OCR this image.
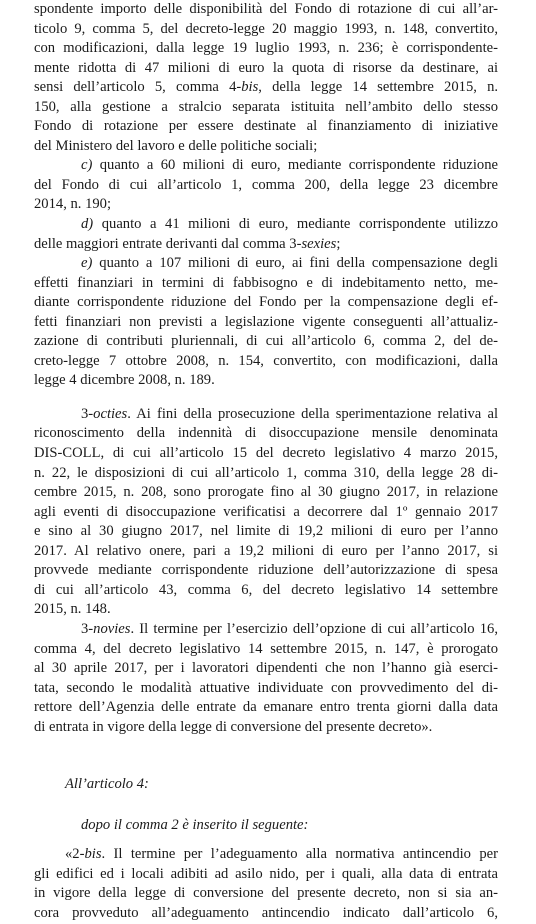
spondente importo delle disponibilità del Fondo di rotazione di cui all’ar-
ticolo 9, comma 5, del decreto-legge 20 maggio 1993, n. 148, convertito,
con modificazioni, dalla legge 19 luglio 1993, n. 236; è corrispondente-
mente ridotta di 47 milioni di euro la quota di risorse da destinare, ai
sensi dell’articolo 5, comma 4-bis, della legge 14 settembre 2015, n.
150, alla gestione a stralcio separata istituita nell’ambito dello stesso
Fondo di rotazione per essere destinate al finanziamento di iniziative
del Ministero del lavoro e delle politiche sociali;
c) quanto a 60 milioni di euro, mediante corrispondente riduzione
del Fondo di cui all’articolo 1, comma 200, della legge 23 dicembre
2014, n. 190;
d) quanto a 41 milioni di euro, mediante corrispondente utilizzo
delle maggiori entrate derivanti dal comma 3-sexies;
e) quanto a 107 milioni di euro, ai fini della compensazione degli
effetti finanziari in termini di fabbisogno e di indebitamento netto, me-
diante corrispondente riduzione del Fondo per la compensazione degli ef-
fetti finanziari non previsti a legislazione vigente conseguenti all’attualiz-
zazione di contributi pluriennali, di cui all’articolo 6, comma 2, del de-
creto-legge 7 ottobre 2008, n. 154, convertito, con modificazioni, dalla
legge 4 dicembre 2008, n. 189.
3-octies. Ai fini della prosecuzione della sperimentazione relativa al
riconoscimento della indennità di disoccupazione mensile denominata
DIS-COLL, di cui all’articolo 15 del decreto legislativo 4 marzo 2015,
n. 22, le disposizioni di cui all’articolo 1, comma 310, della legge 28 di-
cembre 2015, n. 208, sono prorogate fino al 30 giugno 2017, in relazione
agli eventi di disoccupazione verificatisi a decorrere dal 1º gennaio 2017
e sino al 30 giugno 2017, nel limite di 19,2 milioni di euro per l’anno
2017. Al relativo onere, pari a 19,2 milioni di euro per l’anno 2017, si
provvede mediante corrispondente riduzione dell’autorizzazione di spesa
di cui all’articolo 43, comma 6, del decreto legislativo 14 settembre
2015, n. 148.
3-novies. Il termine per l’esercizio dell’opzione di cui all’articolo 16,
comma 4, del decreto legislativo 14 settembre 2015, n. 147, è prorogato
al 30 aprile 2017, per i lavoratori dipendenti che non l’hanno già eserci-
tata, secondo le modalità attuative individuate con provvedimento del di-
rettore dell’Agenzia delle entrate da emanare entro trenta giorni dalla data
di entrata in vigore della legge di conversione del presente decreto».
All’articolo 4:
dopo il comma 2 è inserito il seguente:
«2-bis. Il termine per l’adeguamento alla normativa antincendio per
gli edifici ed i locali adibiti ad asilo nido, per i quali, alla data di entrata
in vigore della legge di conversione del presente decreto, non si sia an-
cora provveduto all’adeguamento antincendio indicato dall’articolo 6,
